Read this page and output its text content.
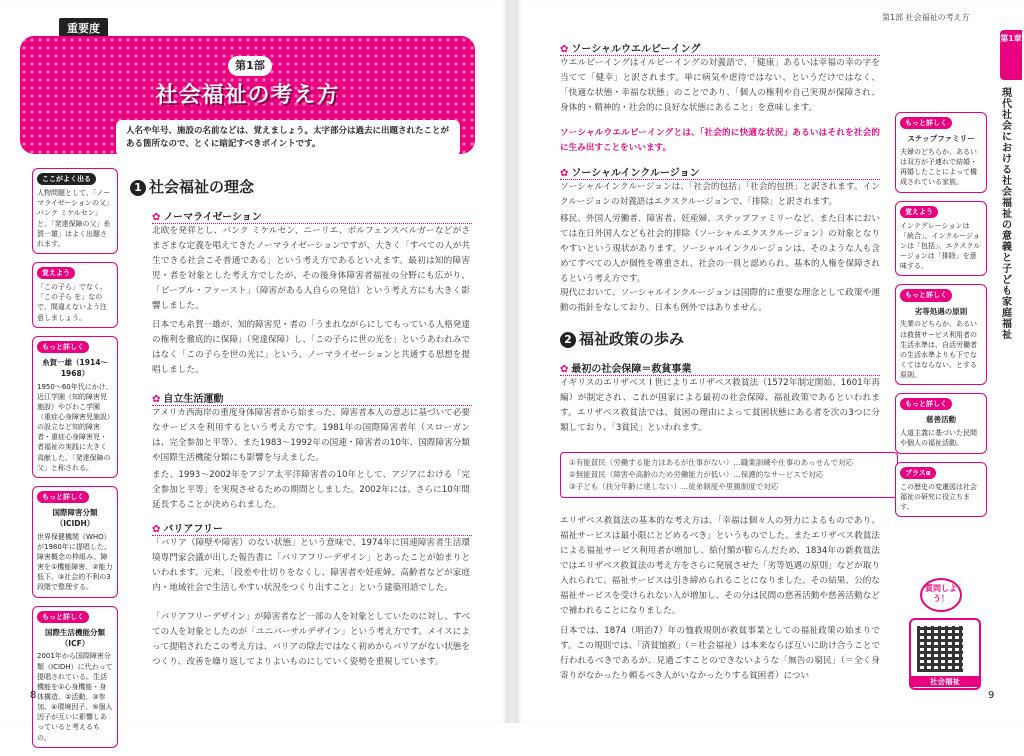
重要度
第1部
社会福祉の考え方
人名や年号、施設の名前などは、覚えましょう。太字部分は過去に出題されたことがある箇所なので、とくに暗記すべきポイントです。
ここがよく出る
人物問題として、「ノーマライゼーションの父」バンク ミケルセン」と、「発達保障の父」糸賀一雄」はよく出題されます。
覚えよう
「この子ら」でなく、「この子ら を」なので、間違えないよう注意しましょう。
もっと詳しく
糸賀一雄（1914～1968）
1950～60年代にかけ、近江学園（知的障害児施設）やびわこ学園（重症心身障害児施設）の設立など知的障害者・重症心身障害児・者福祉の実践に大きく貢献した。「発達保障の父」と称される。
もっと詳しく
国際障害分類（ICIDH）
世界保健機関（WHO）が1980年に提唱した、障害概念の枠組み。障害を①機能障害、②能力低下、③社会的不利の3段階で整理する。
もっと詳しく
国際生活機能分類（ICF）
2001年から国際障害分類（ICIDH）に代わって提唱されている。生活機能を①心身機能・身体構造、②活動、③参加、④環境因子、⑤個人因子が互いに影響しあっていると考えるもの。
1 社会福祉の理念
✿ ノーマライゼーション
北欧を発祥とし、バンク ミケルセン、ニーリエ、ボルフェンスベルガーなどがさまざまな定義を唱えてきたノーマライゼーションですが、大きく「すべての人が共生できる社会こそ普通である」という考え方であるといえます。最初は知的障害児・者を対象とした考え方でしたが、その後身体障害者福祉の分野にも広がり、「ピープル・ファースト」（障害がある人自らの発信）という考え方にも大きく影響しました。
日本でも糸賀一雄が、知的障害児・者の「うまれながらにしてもっている人格発達の権利を徹底的に保障」（発達保障）し、「この子らに世の光を」というあわれみではなく「この子らを世の光に」という、ノーマライゼーションと共通する思想を提唱しました。
✿ 自立生活運動
アメリカ西海岸の重度身体障害者から始まった、障害者本人の意志に基づいて必要なサービスを利用するという考え方です。1981年の国際障害者年（スローガンは、完全参加と平等）、また1983～1992年の国連・障害者の10年、国際障害分類や国際生活機能分類にも影響を与えました。
また、1993～2002年をアジア太平洋障害者の10年として、アジアにおける「完全参加と平等」を実現させるための期間としました。2002年には、さらに10年間延長することが決められました。
✿ バリアフリー
「バリア（障壁や障害）のない状態」という意味で、1974年に国連障害者生活環境専門家会議が出した報告書に「バリアフリーデザイン」とあったことが始まりといわれます。元来、「段差や仕切りをなくし、障害者や妊産婦、高齢者などが家庭内・地域社会で生活しやすい状況をつくり出すこと」という建築用語でした。
「バリアフリーデザイン」が障害者など一部の人を対象としていたのに対し、すべての人を対象としたのが「ユニバーサルデザイン」という考え方です。メイスによって提唱されたこの考え方は、バリアの除去ではなく初めからバリアがない状態をつくり、改善を繰り返してよりよいものにしていく姿勢を重視しています。
8
第1部 社会福祉の考え方
第1章
現代社会における社会福祉の意義と子ども家庭福祉
✿ ソーシャルウエルビーイング
ウエルビーイングはイルビーイングの対義語で、「健康」あるいは幸福の幸の字を当てて「健幸」と訳されます。単に病気や虐待ではない、というだけではなく、「快適な状態・幸福な状態」のことであり、「個人の権利や自己実現が保障され、身体的・精神的・社会的に良好な状態にあること」を意味します。
ソーシャルウエルビーイングとは、「社会的に快適な状況」あるいはそれを社会的に生み出すことをいいます。
✿ ソーシャルインクルージョン
ソーシャルインクルージョンは、「社会的包括」「社会的包摂」と訳されます。インクルージョンの対義語はエクスクルージョンで、「排除」と訳されます。
移民、外国人労働者、障害者、妊産婦、ステップファミリーなど、また日本においては在日外国人なども社会的排除（ソーシャルエクスクルージョン）の対象となりやすいという現状があります。ソーシャルインクルージョンは、そのような人も含めてすべての人が個性を尊重され、社会の一員と認められ、基本的人権を保障されるという考え方です。
現代において、ソーシャルインクルージョンは国際的に重要な理念として政策や運動の指針をなしており、日本も例外ではありません。
2 福祉政策の歩み
✿ 最初の社会保障＝救貧事業
イギリスのエリザベス I 世によりエリザベス救貧法（1572年制定開始、1601年再編）が制定され、これが国家による最初の社会保障、福祉政策であるといわれます。エリザベス救貧法では、貧困の理由によって貧困状態にある者を次の3つに分類しており、「3貧民」といわれます。
①有能貧民（労働する能力はあるが仕事がない）…職業訓練や仕事のあっせんで対応
②無能貧民（障害や高齢のため労働能力が低い）…保護的なサービスで対応
③子ども（扶分年齢に達しない）…徒弟制度や里親制度で対応
エリザベス救貧法の基本的な考え方は、「幸福は個々人の努力によるものであり、福祉サービスは最小限にとどめるべき」というものでした。またエリザベス救貧法による福祉サービス利用者が増加し、給付額が膨らんだため、1834年の新救貧法ではエリザベス救貧法の考え方をさらに発展させた「劣等処遇の原則」などが取り入れられて、福祉サービスは引き締められることになりました。その結果、公的な福祉サービスを受けられない人が増加し、その分は民間の慈善活動や慈善活動などで補われることになりました。
日本では、1874（明治7）年の恤救規則が救貧事業としての福祉政策の始まりです。この規則では、「済貧恤救」（＝社会福祉）は本来ならば互いに助け合うことで行われるべきであるが、見過ごすことのできないような「無告の窮民」（＝全く身寄りがなかったり頼るべき人がいなかったりする貧困者）につい
もっと詳しく
ステップファミリー
夫婦のどちらか、あるいは双方が子連れで結婚・再婚したことによって構成されている家族。
覚えよう
インテグレーションは「統合」、インクルージョンは「包括」、エクスクルージョンは「排除」を意味する。
もっと詳しく
劣等処遇の原則
失業のどちらか、あるいは救貧サービス利用者の生活水準は、自活労働者の生活水準よりも下でなくてはならない、とする原則。
もっと詳しく
慈善活動
人道主義に基づいた民間や個人の福祉活動。
プラスα
この歴史の変遷図は社会福祉の研究に役立ちます。
質問しよう！
社会福祉
9
